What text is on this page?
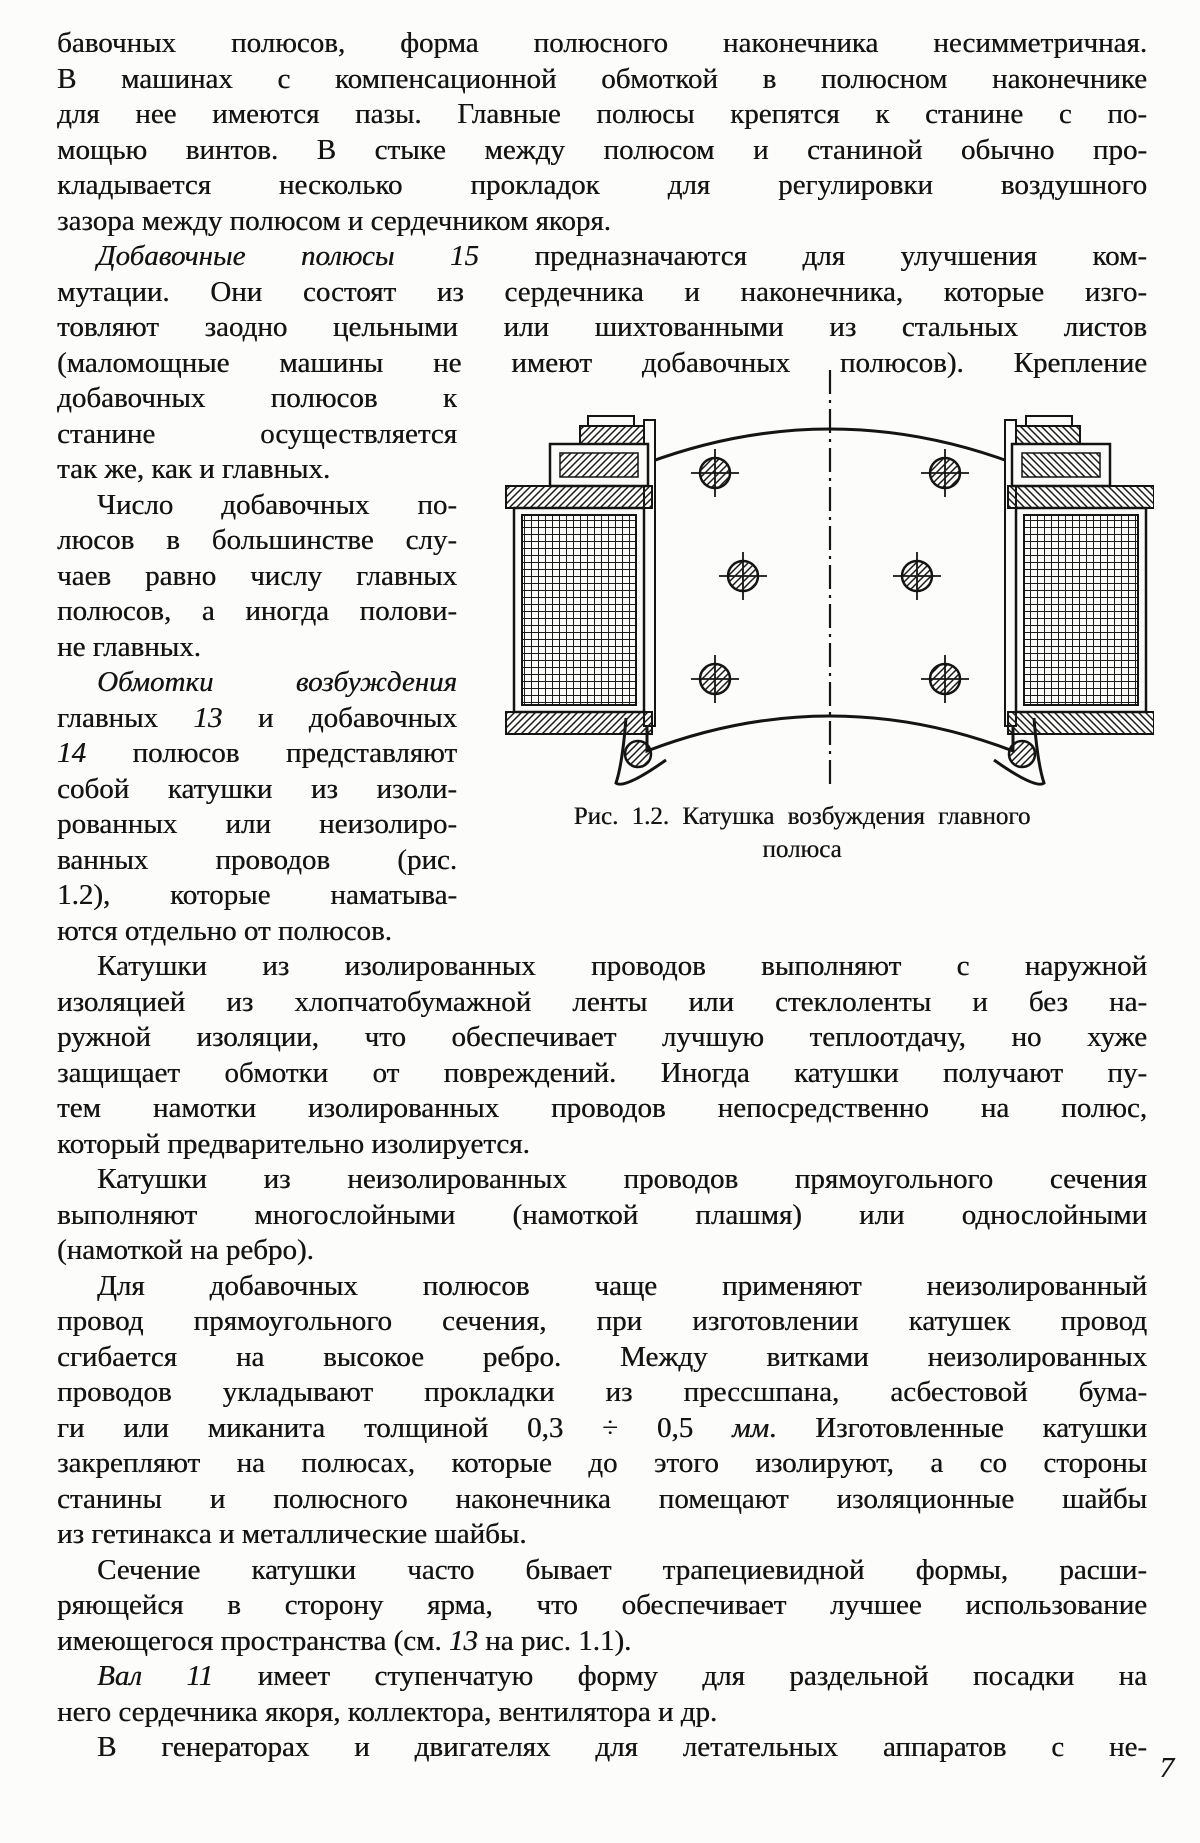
бавочных полюсов, форма полюсного наконечника несимметричная.
В машинах с компенсационной обмоткой в полюсном наконечнике
для нее имеются пазы. Главные полюсы крепятся к станине с по-
мощью винтов. В стыке между полюсом и станиной обычно про-
кладывается несколько прокладок для регулировки воздушного
зазора между полюсом и сердечником якоря.
Добавочные полюсы 15 предназначаются для улучшения ком-
мутации. Они состоят из сердечника и наконечника, которые изго-
товляют заодно цельными или шихтованными из стальных листов
(маломощные машины не имеют добавочных полюсов). Крепление
добавочных полюсов к
станине осуществляется
так же, как и главных.
Число добавочных по-
люсов в большинстве слу-
чаев равно числу главных
полюсов, а иногда полови-
не главных.
Обмотки возбуждения
главных 13 и добавочных
14 полюсов представляют
собой катушки из изоли-
рованных или неизолиро-
ванных проводов (рис.
1.2), которые наматыва-
ются отдельно от полюсов.
Катушки из изолированных проводов выполняют с наружной
изоляцией из хлопчатобумажной ленты или стеклоленты и без на-
ружной изоляции, что обеспечивает лучшую теплоотдачу, но хуже
защищает обмотки от повреждений. Иногда катушки получают пу-
тем намотки изолированных проводов непосредственно на полюс,
который предварительно изолируется.
Катушки из неизолированных проводов прямоугольного сечения
выполняют многослойными (намоткой плашмя) или однослойными
(намоткой на ребро).
Для добавочных полюсов чаще применяют неизолированный
провод прямоугольного сечения, при изготовлении катушек провод
сгибается на высокое ребро. Между витками неизолированных
проводов укладывают прокладки из прессшпана, асбестовой бума-
ги или миканита толщиной 0,3 ÷ 0,5 мм. Изготовленные катушки
закрепляют на полюсах, которые до этого изолируют, а со стороны
станины и полюсного наконечника помещают изоляционные шайбы
из гетинакса и металлические шайбы.
Сечение катушки часто бывает трапециевидной формы, расши-
ряющейся в сторону ярма, что обеспечивает лучшее использование
имеющегося пространства (см. 13 на рис. 1.1).
Вал 11 имеет ступенчатую форму для раздельной посадки на
него сердечника якоря, коллектора, вентилятора и др.
В генераторах и двигателях для летательных аппаратов с не-
Рис. 1.2. Катушка возбуждения главного
полюса
7
